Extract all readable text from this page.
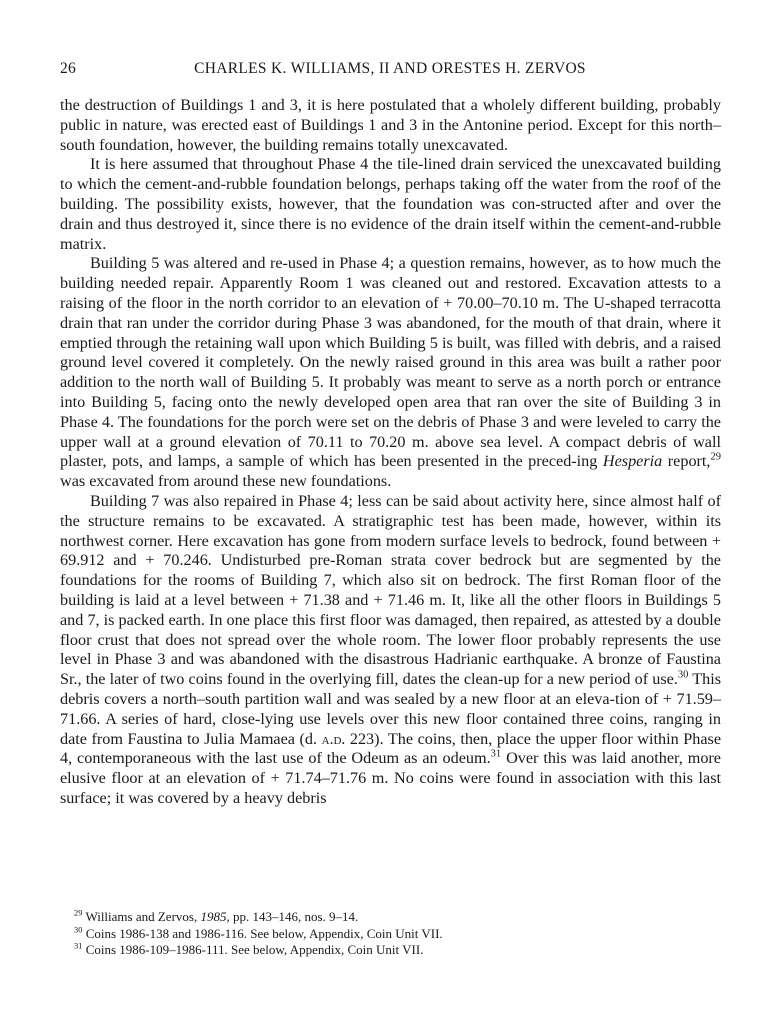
26	CHARLES K. WILLIAMS, II AND ORESTES H. ZERVOS

the destruction of Buildings 1 and 3, it is here postulated that a wholely different building, probably public in nature, was erected east of Buildings 1 and 3 in the Antonine period. Except for this north–south foundation, however, the building remains totally unexcavated.

It is here assumed that throughout Phase 4 the tile-lined drain serviced the unexcavated building to which the cement-and-rubble foundation belongs, perhaps taking off the water from the roof of the building. The possibility exists, however, that the foundation was con-structed after and over the drain and thus destroyed it, since there is no evidence of the drain itself within the cement-and-rubble matrix.

Building 5 was altered and re-used in Phase 4; a question remains, however, as to how much the building needed repair. Apparently Room 1 was cleaned out and restored. Excavation attests to a raising of the floor in the north corridor to an elevation of + 70.00–70.10 m. The U-shaped terracotta drain that ran under the corridor during Phase 3 was abandoned, for the mouth of that drain, where it emptied through the retaining wall upon which Building 5 is built, was filled with debris, and a raised ground level covered it completely. On the newly raised ground in this area was built a rather poor addition to the north wall of Building 5. It probably was meant to serve as a north porch or entrance into Building 5, facing onto the newly developed open area that ran over the site of Building 3 in Phase 4. The foundations for the porch were set on the debris of Phase 3 and were leveled to carry the upper wall at a ground elevation of 70.11 to 70.20 m. above sea level. A compact debris of wall plaster, pots, and lamps, a sample of which has been presented in the preced-ing Hesperia report,$^{29}$ was excavated from around these new foundations.

Building 7 was also repaired in Phase 4; less can be said about activity here, since almost half of the structure remains to be excavated. A stratigraphic test has been made, however, within its northwest corner. Here excavation has gone from modern surface levels to bedrock, found between + 69.912 and + 70.246. Undisturbed pre-Roman strata cover bedrock but are segmented by the foundations for the rooms of Building 7, which also sit on bedrock. The first Roman floor of the building is laid at a level between + 71.38 and + 71.46 m. It, like all the other floors in Buildings 5 and 7, is packed earth. In one place this first floor was damaged, then repaired, as attested by a double floor crust that does not spread over the whole room. The lower floor probably represents the use level in Phase 3 and was abandoned with the disastrous Hadrianic earthquake. A bronze of Faustina Sr., the later of two coins found in the overlying fill, dates the clean-up for a new period of use.$^{30}$ This debris covers a north–south partition wall and was sealed by a new floor at an eleva-tion of + 71.59–71.66. A series of hard, close-lying use levels over this new floor contained three coins, ranging in date from Faustina to Julia Mamaea (d. a.d. 223). The coins, then, place the upper floor within Phase 4, contemporaneous with the last use of the Odeum as an odeum.$^{31}$ Over this was laid another, more elusive floor at an elevation of + 71.74–71.76 m. No coins were found in association with this last surface; it was covered by a heavy debris

$^{29}$ Williams and Zervos, 1985, pp. 143–146, nos. 9–14.

$^{30}$ Coins 1986-138 and 1986-116. See below, Appendix, Coin Unit VII.

$^{31}$ Coins 1986-109–1986-111. See below, Appendix, Coin Unit VII.
